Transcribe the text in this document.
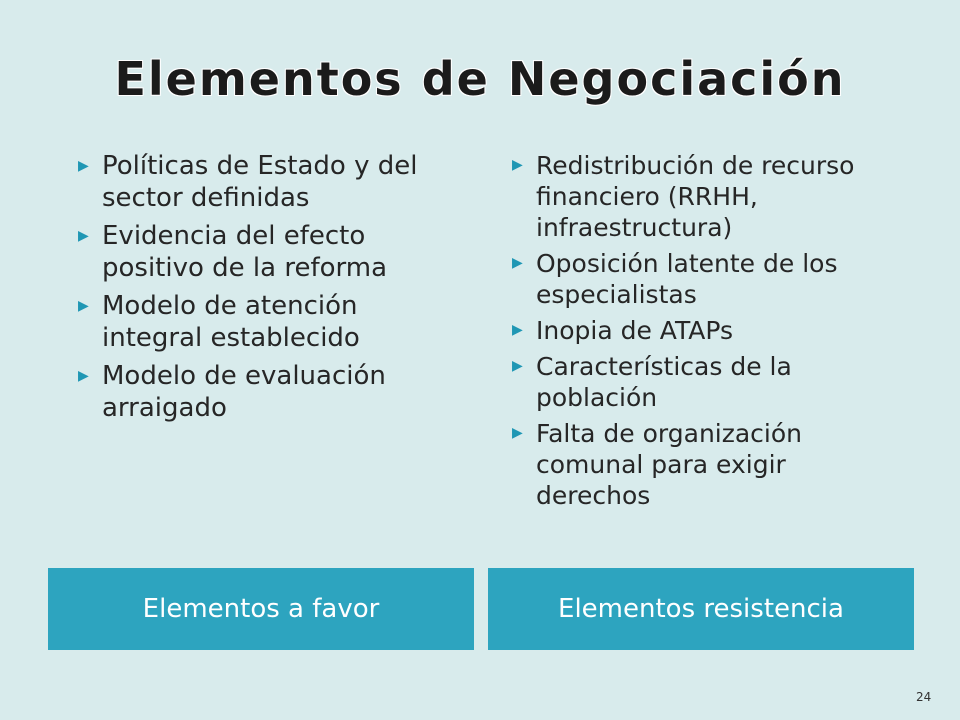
Elementos de Negociación
▶ Políticas de Estado y del sector definidas
▶ Evidencia del efecto positivo de la reforma
▶ Modelo de atención integral establecido
▶ Modelo de evaluación arraigado
▶ Redistribución de recurso financiero (RRHH, infraestructura)
▶ Oposición latente de los especialistas
▶ Inopia de ATAPs
▶ Características de la población
▶ Falta de organización comunal para exigir derechos
Elementos a favor	Elementos resistencia
24
